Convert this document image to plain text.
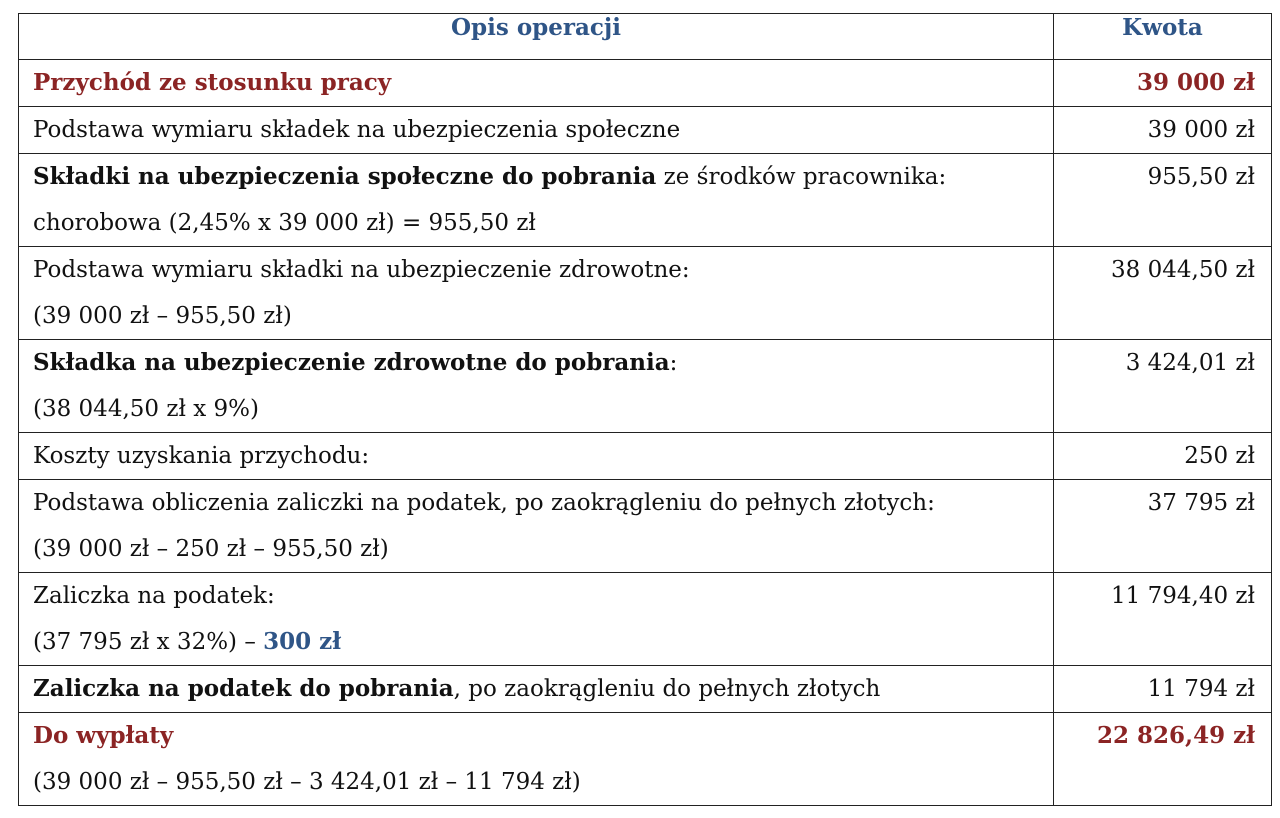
Opis operacji	Kwota

Przychód ze stosunku pracy	39 000 zł

Podstawa wymiaru składek na ubezpieczenia społeczne	39 000 zł

Składki na ubezpieczenia społeczne do pobrania ze środków pracownika:
chorobowa (2,45% x 39 000 zł) = 955,50 zł	955,50 zł

Podstawa wymiaru składki na ubezpieczenie zdrowotne:
(39 000 zł – 955,50 zł)	38 044,50 zł

Składka na ubezpieczenie zdrowotne do pobrania:
(38 044,50 zł x 9%)	3 424,01 zł

Koszty uzyskania przychodu:	250 zł

Podstawa obliczenia zaliczki na podatek, po zaokrągleniu do pełnych złotych:
(39 000 zł – 250 zł – 955,50 zł)	37 795 zł

Zaliczka na podatek:
(37 795 zł x 32%) – 300 zł	11 794,40 zł

Zaliczka na podatek do pobrania, po zaokrągleniu do pełnych złotych	11 794 zł

Do wypłaty
(39 000 zł – 955,50 zł – 3 424,01 zł – 11 794 zł)	22 826,49 zł
